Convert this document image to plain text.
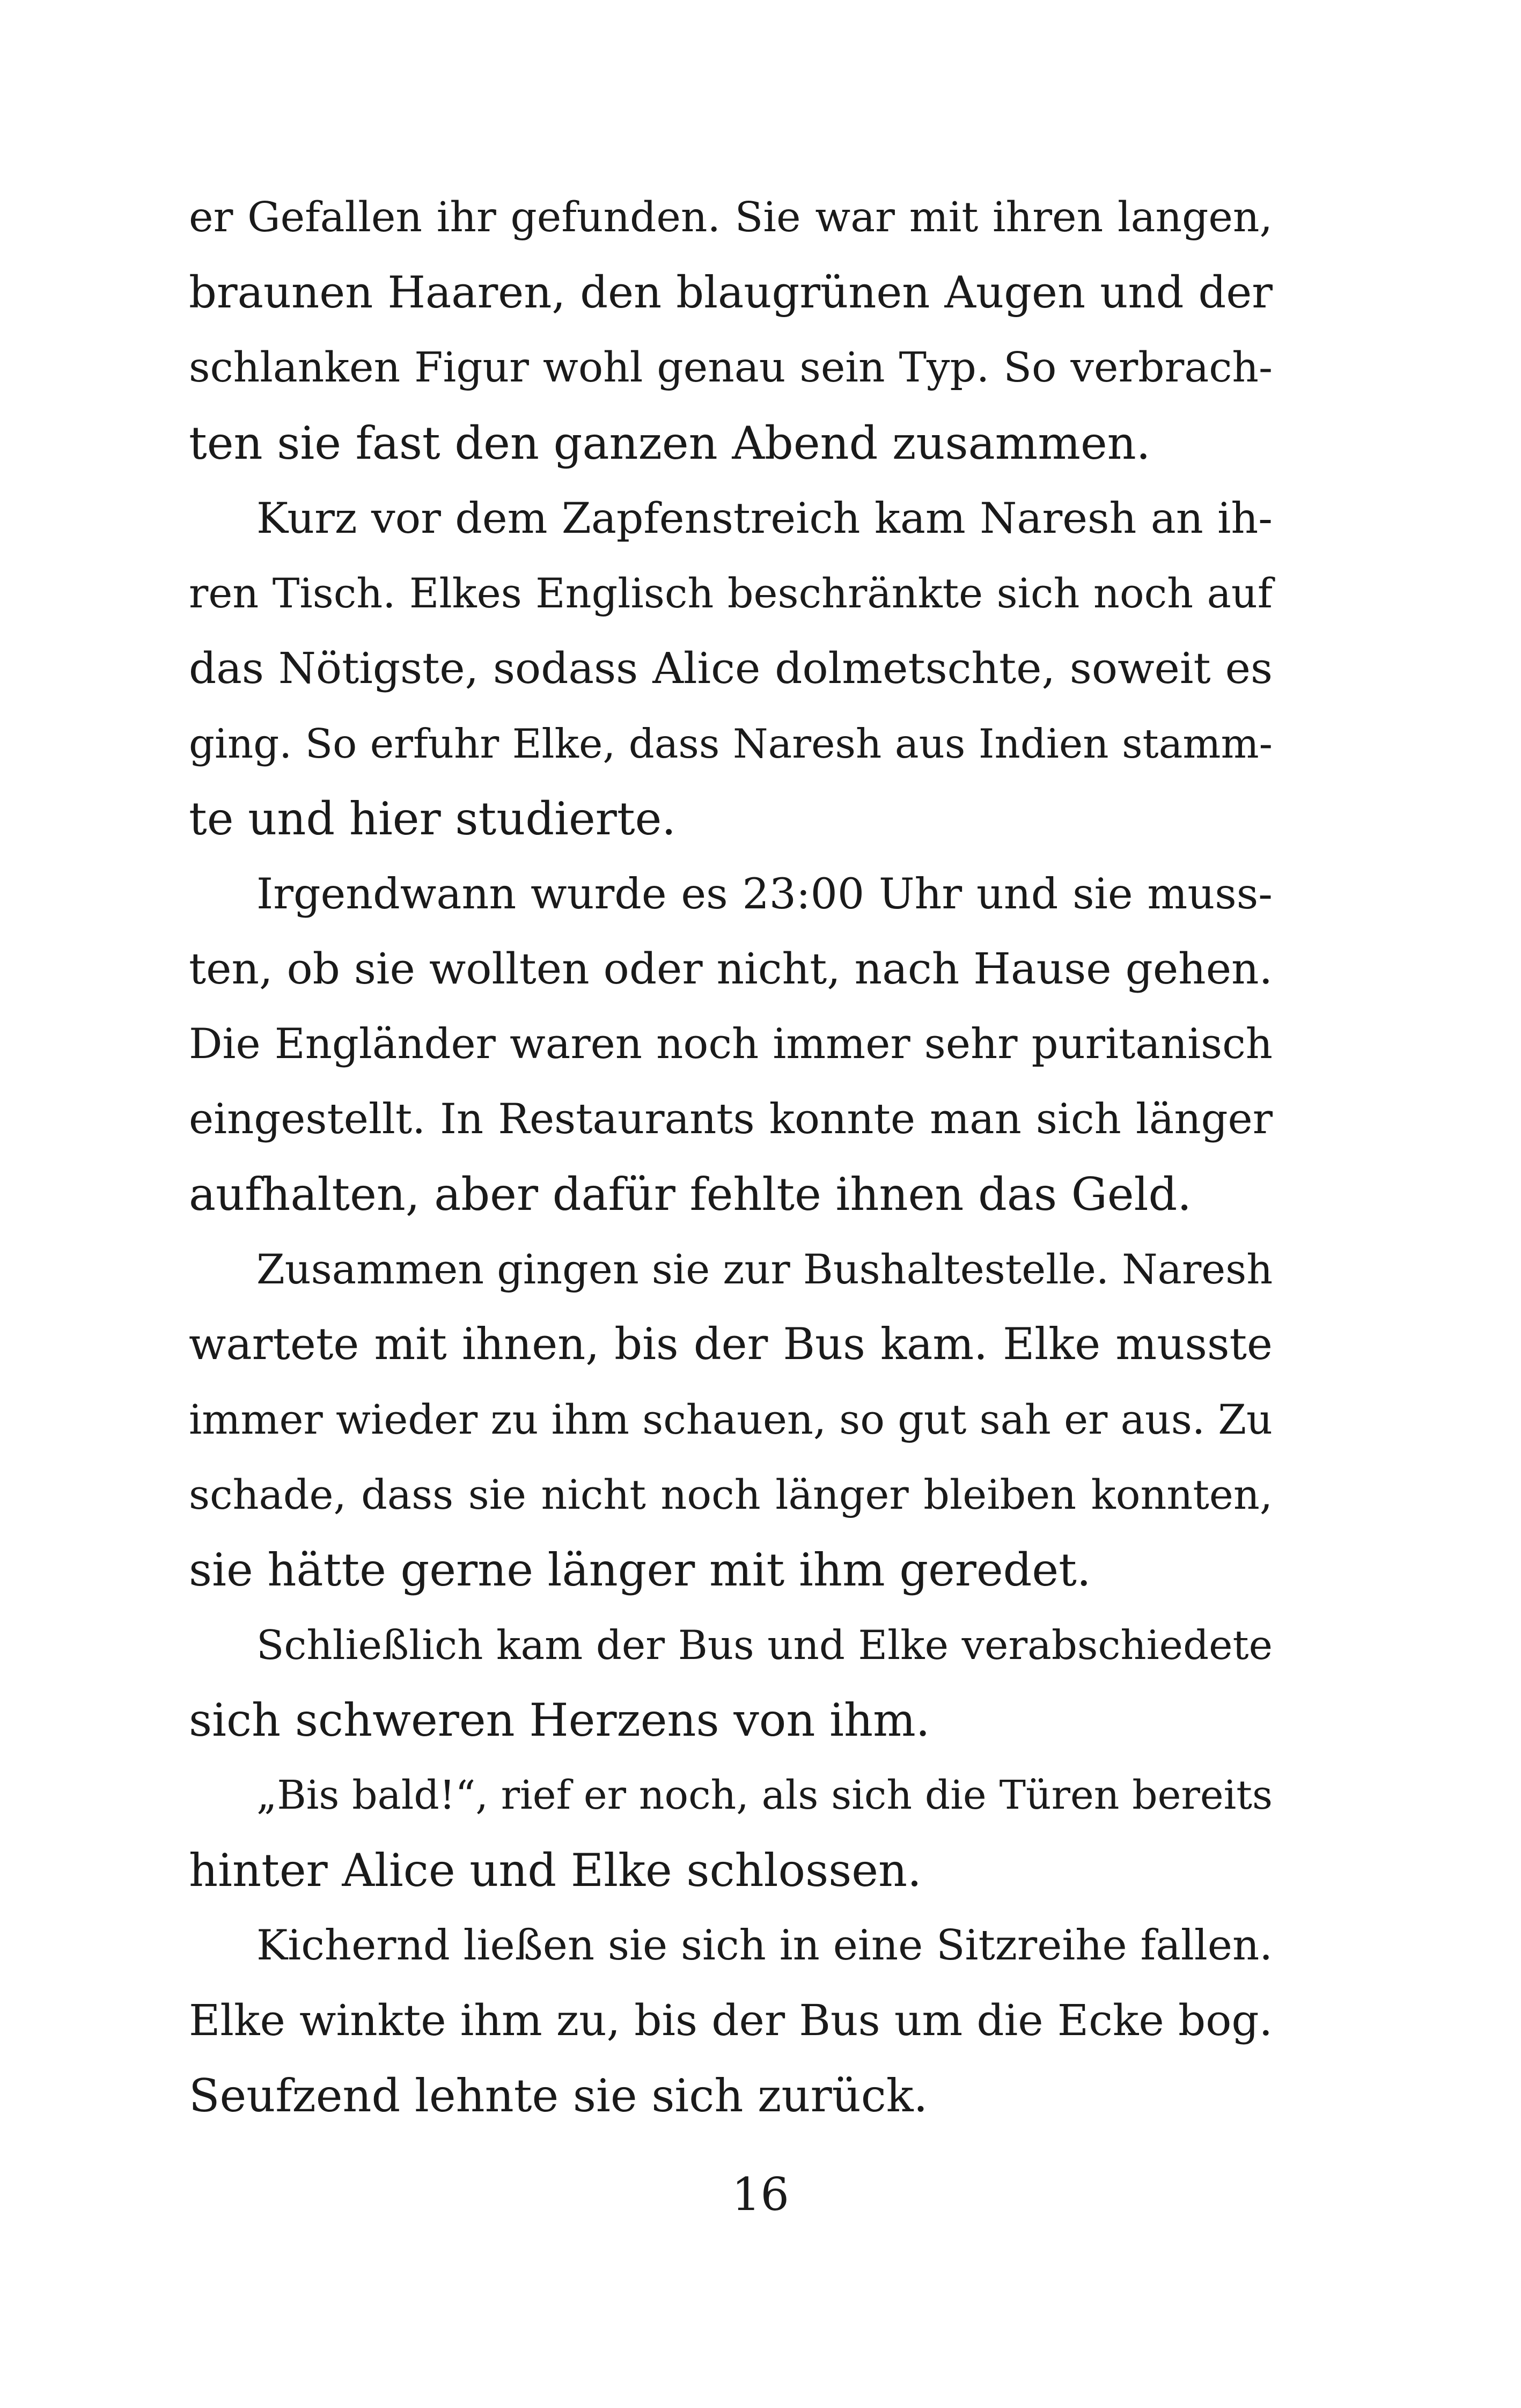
er Gefallen ihr gefunden. Sie war mit ihren langen,
braunen Haaren, den blaugrünen Augen und der
schlanken Figur wohl genau sein Typ. So verbrach-
ten sie fast den ganzen Abend zusammen.
Kurz vor dem Zapfenstreich kam Naresh an ih-
ren Tisch. Elkes Englisch beschränkte sich noch auf
das Nötigste, sodass Alice dolmetschte, soweit es
ging. So erfuhr Elke, dass Naresh aus Indien stamm-
te und hier studierte.
Irgendwann wurde es 23:00 Uhr und sie muss-
ten, ob sie wollten oder nicht, nach Hause gehen.
Die Engländer waren noch immer sehr puritanisch
eingestellt. In Restaurants konnte man sich länger
aufhalten, aber dafür fehlte ihnen das Geld.
Zusammen gingen sie zur Bushaltestelle. Naresh
wartete mit ihnen, bis der Bus kam. Elke musste
immer wieder zu ihm schauen, so gut sah er aus. Zu
schade, dass sie nicht noch länger bleiben konnten,
sie hätte gerne länger mit ihm geredet.
Schließlich kam der Bus und Elke verabschiedete
sich schweren Herzens von ihm.
„Bis bald!“, rief er noch, als sich die Türen bereits
hinter Alice und Elke schlossen.
Kichernd ließen sie sich in eine Sitzreihe fallen.
Elke winkte ihm zu, bis der Bus um die Ecke bog.
Seufzend lehnte sie sich zurück.
16
